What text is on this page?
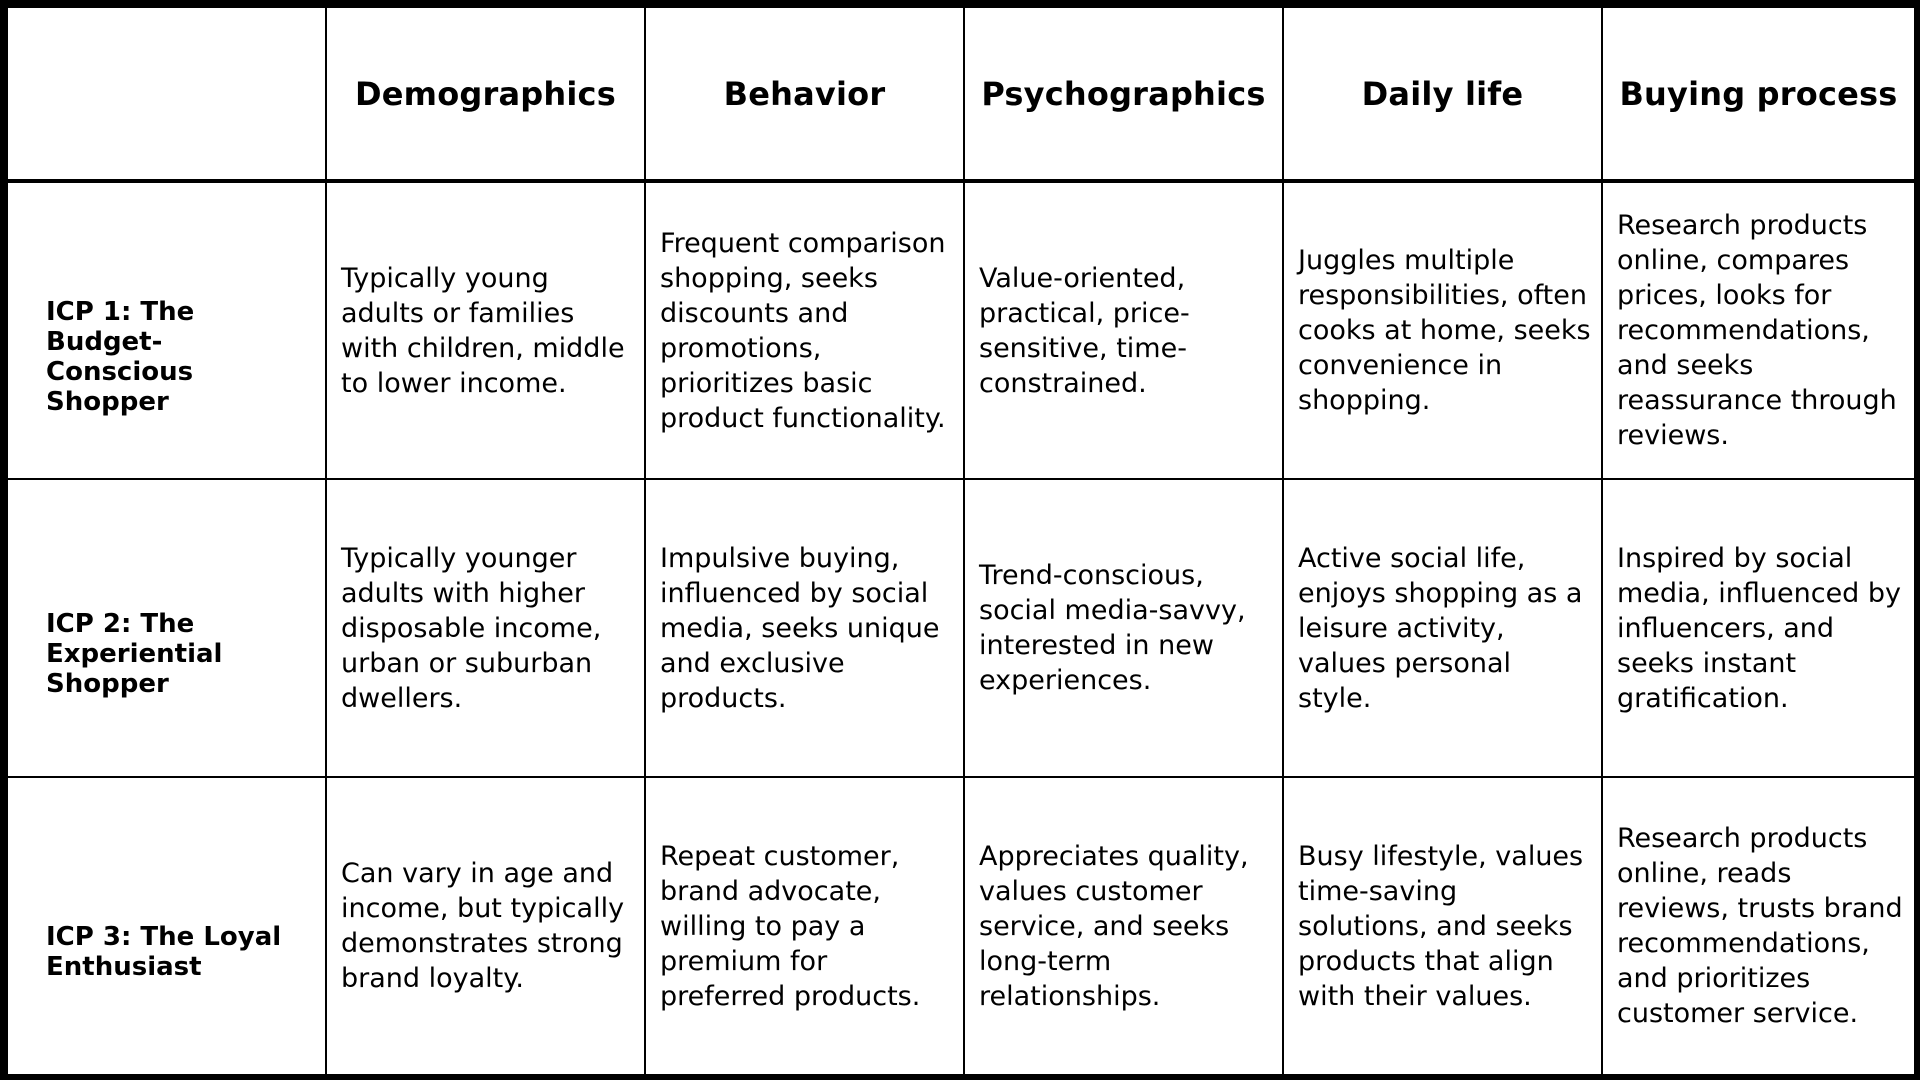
	Demographics	Behavior	Psychographics	Daily life	Buying process
ICP 1: The Budget-Conscious Shopper	Typically young adults or families with children, middle to lower income.	Frequent comparison shopping, seeks discounts and promotions, prioritizes basic product functionality.	Value-oriented, practical, price-sensitive, time-constrained.	Juggles multiple responsibilities, often cooks at home, seeks convenience in shopping.	Research products online, compares prices, looks for recommendations, and seeks reassurance through reviews.
ICP 2: The Experiential Shopper	Typically younger adults with higher disposable income, urban or suburban dwellers.	Impulsive buying, influenced by social media, seeks unique and exclusive products.	Trend-conscious, social media-savvy, interested in new experiences.	Active social life, enjoys shopping as a leisure activity, values personal style.	Inspired by social media, influenced by influencers, and seeks instant gratification.
ICP 3: The Loyal Enthusiast	Can vary in age and income, but typically demonstrates strong brand loyalty.	Repeat customer, brand advocate, willing to pay a premium for preferred products.	Appreciates quality, values customer service, and seeks long-term relationships.	Busy lifestyle, values time-saving solutions, and seeks products that align with their values.	Research products online, reads reviews, trusts brand recommendations, and prioritizes customer service.
